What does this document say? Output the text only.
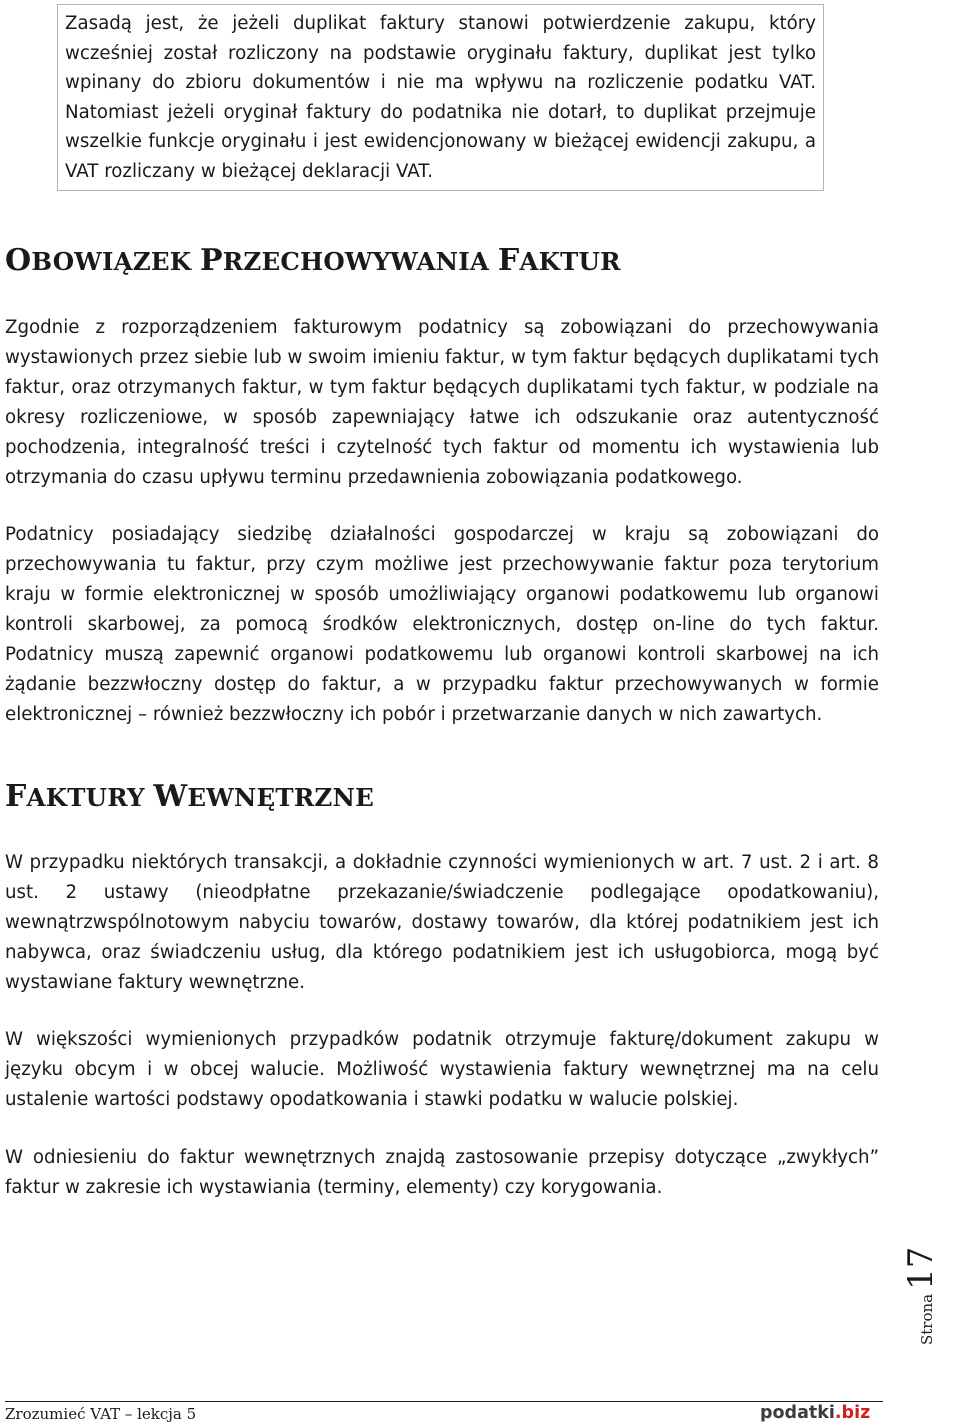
Zasadą jest, że jeżeli duplikat faktury stanowi potwierdzenie zakupu, który wcześniej został rozliczony na podstawie oryginału faktury, duplikat jest tylko wpinany do zbioru dokumentów i nie ma wpływu na rozliczenie podatku VAT. Natomiast jeżeli oryginał faktury do podatnika nie dotarł, to duplikat przejmuje wszelkie funkcje oryginału i jest ewidencjonowany w bieżącej ewidencji zakupu, a VAT rozliczany w bieżącej deklaracji VAT.

OBOWIĄZEK PRZECHOWYWANIA FAKTUR

Zgodnie z rozporządzeniem fakturowym podatnicy są zobowiązani do przechowywania wystawionych przez siebie lub w swoim imieniu faktur, w tym faktur będących duplikatami tych faktur, oraz otrzymanych faktur, w tym faktur będących duplikatami tych faktur, w podziale na okresy rozliczeniowe, w sposób zapewniający łatwe ich odszukanie oraz autentyczność pochodzenia, integralność treści i czytelność tych faktur od momentu ich wystawienia lub otrzymania do czasu upływu terminu przedawnienia zobowiązania podatkowego.

Podatnicy posiadający siedzibę działalności gospodarczej w kraju są zobowiązani do przechowywania tu faktur, przy czym możliwe jest przechowywanie faktur poza terytorium kraju w formie elektronicznej w sposób umożliwiający organowi podatkowemu lub organowi kontroli skarbowej, za pomocą środków elektronicznych, dostęp on-line do tych faktur. Podatnicy muszą zapewnić organowi podatkowemu lub organowi kontroli skarbowej na ich żądanie bezzwłoczny dostęp do faktur, a w przypadku faktur przechowywanych w formie elektronicznej – również bezzwłoczny ich pobór i przetwarzanie danych w nich zawartych.

FAKTURY WEWNĘTRZNE

W przypadku niektórych transakcji, a dokładnie czynności wymienionych w art. 7 ust. 2 i art. 8 ust. 2 ustawy (nieodpłatne przekazanie/świadczenie podlegające opodatkowaniu), wewnątrzwspólnotowym nabyciu towarów, dostawy towarów, dla której podatnikiem jest ich nabywca, oraz świadczeniu usług, dla którego podatnikiem jest ich usługobiorca, mogą być wystawiane faktury wewnętrzne.

W większości wymienionych przypadków podatnik otrzymuje fakturę/dokument zakupu w języku obcym i w obcej walucie. Możliwość wystawienia faktury wewnętrznej ma na celu ustalenie wartości podstawy opodatkowania i stawki podatku w walucie polskiej.

W odniesieniu do faktur wewnętrznych znajdą zastosowanie przepisy dotyczące „zwykłych” faktur w zakresie ich wystawiania (terminy, elementy) czy korygowania.

Strona17
Zrozumieć VAT – lekcja 5	podatki.biz
